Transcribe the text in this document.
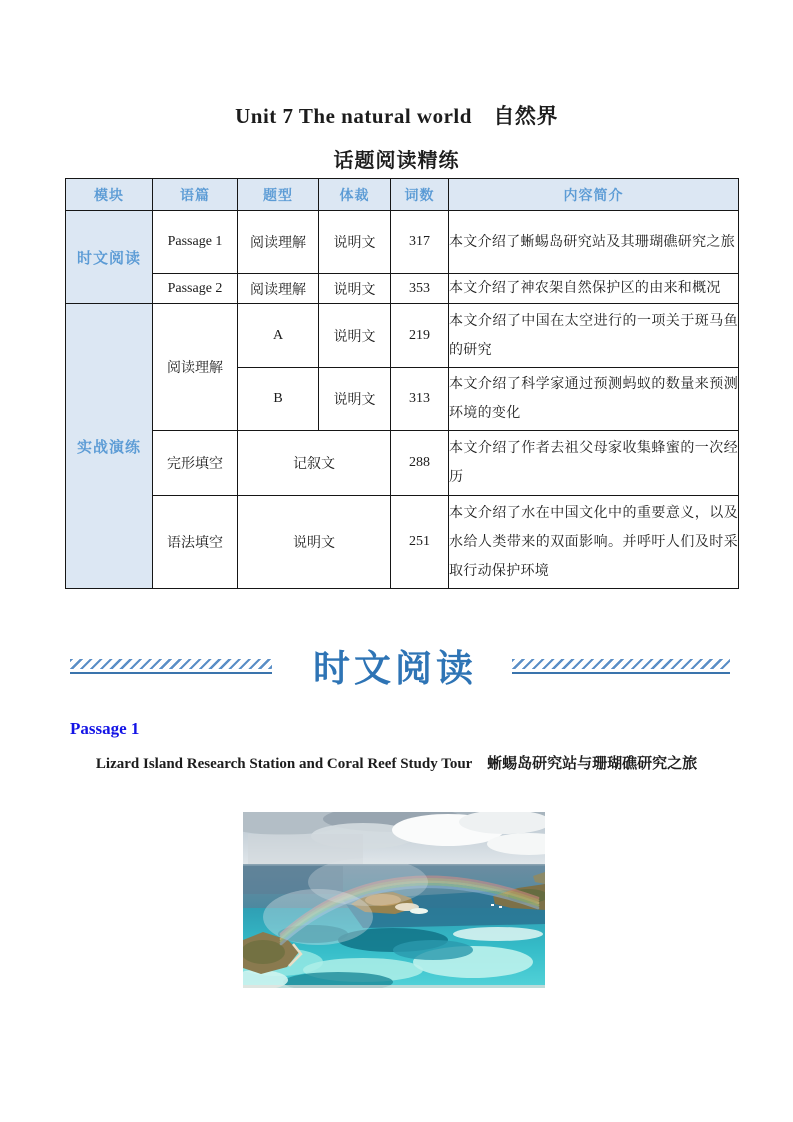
Unit 7 The natural world　自然界
话题阅读精练
模块	语篇	题型	体裁	词数	内容简介
时文阅读	Passage 1	阅读理解	说明文	317	本文介绍了蜥蜴岛研究站及其珊瑚礁研究之旅
	Passage 2	阅读理解	说明文	353	本文介绍了神农架自然保护区的由来和概况
实战演练	阅读理解	A	说明文	219	本文介绍了中国在太空进行的一项关于斑马鱼的研究
		B	说明文	313	本文介绍了科学家通过预测蚂蚁的数量来预测环境的变化
	完形填空	记叙文		288	本文介绍了作者去祖父母家收集蜂蜜的一次经历
	语法填空	说明文		251	本文介绍了水在中国文化中的重要意义，以及水给人类带来的双面影响。并呼吁人们及时采取行动保护环境
时文阅读
Passage 1
Lizard Island Research Station and Coral Reef Study Tour　蜥蜴岛研究站与珊瑚礁研究之旅
